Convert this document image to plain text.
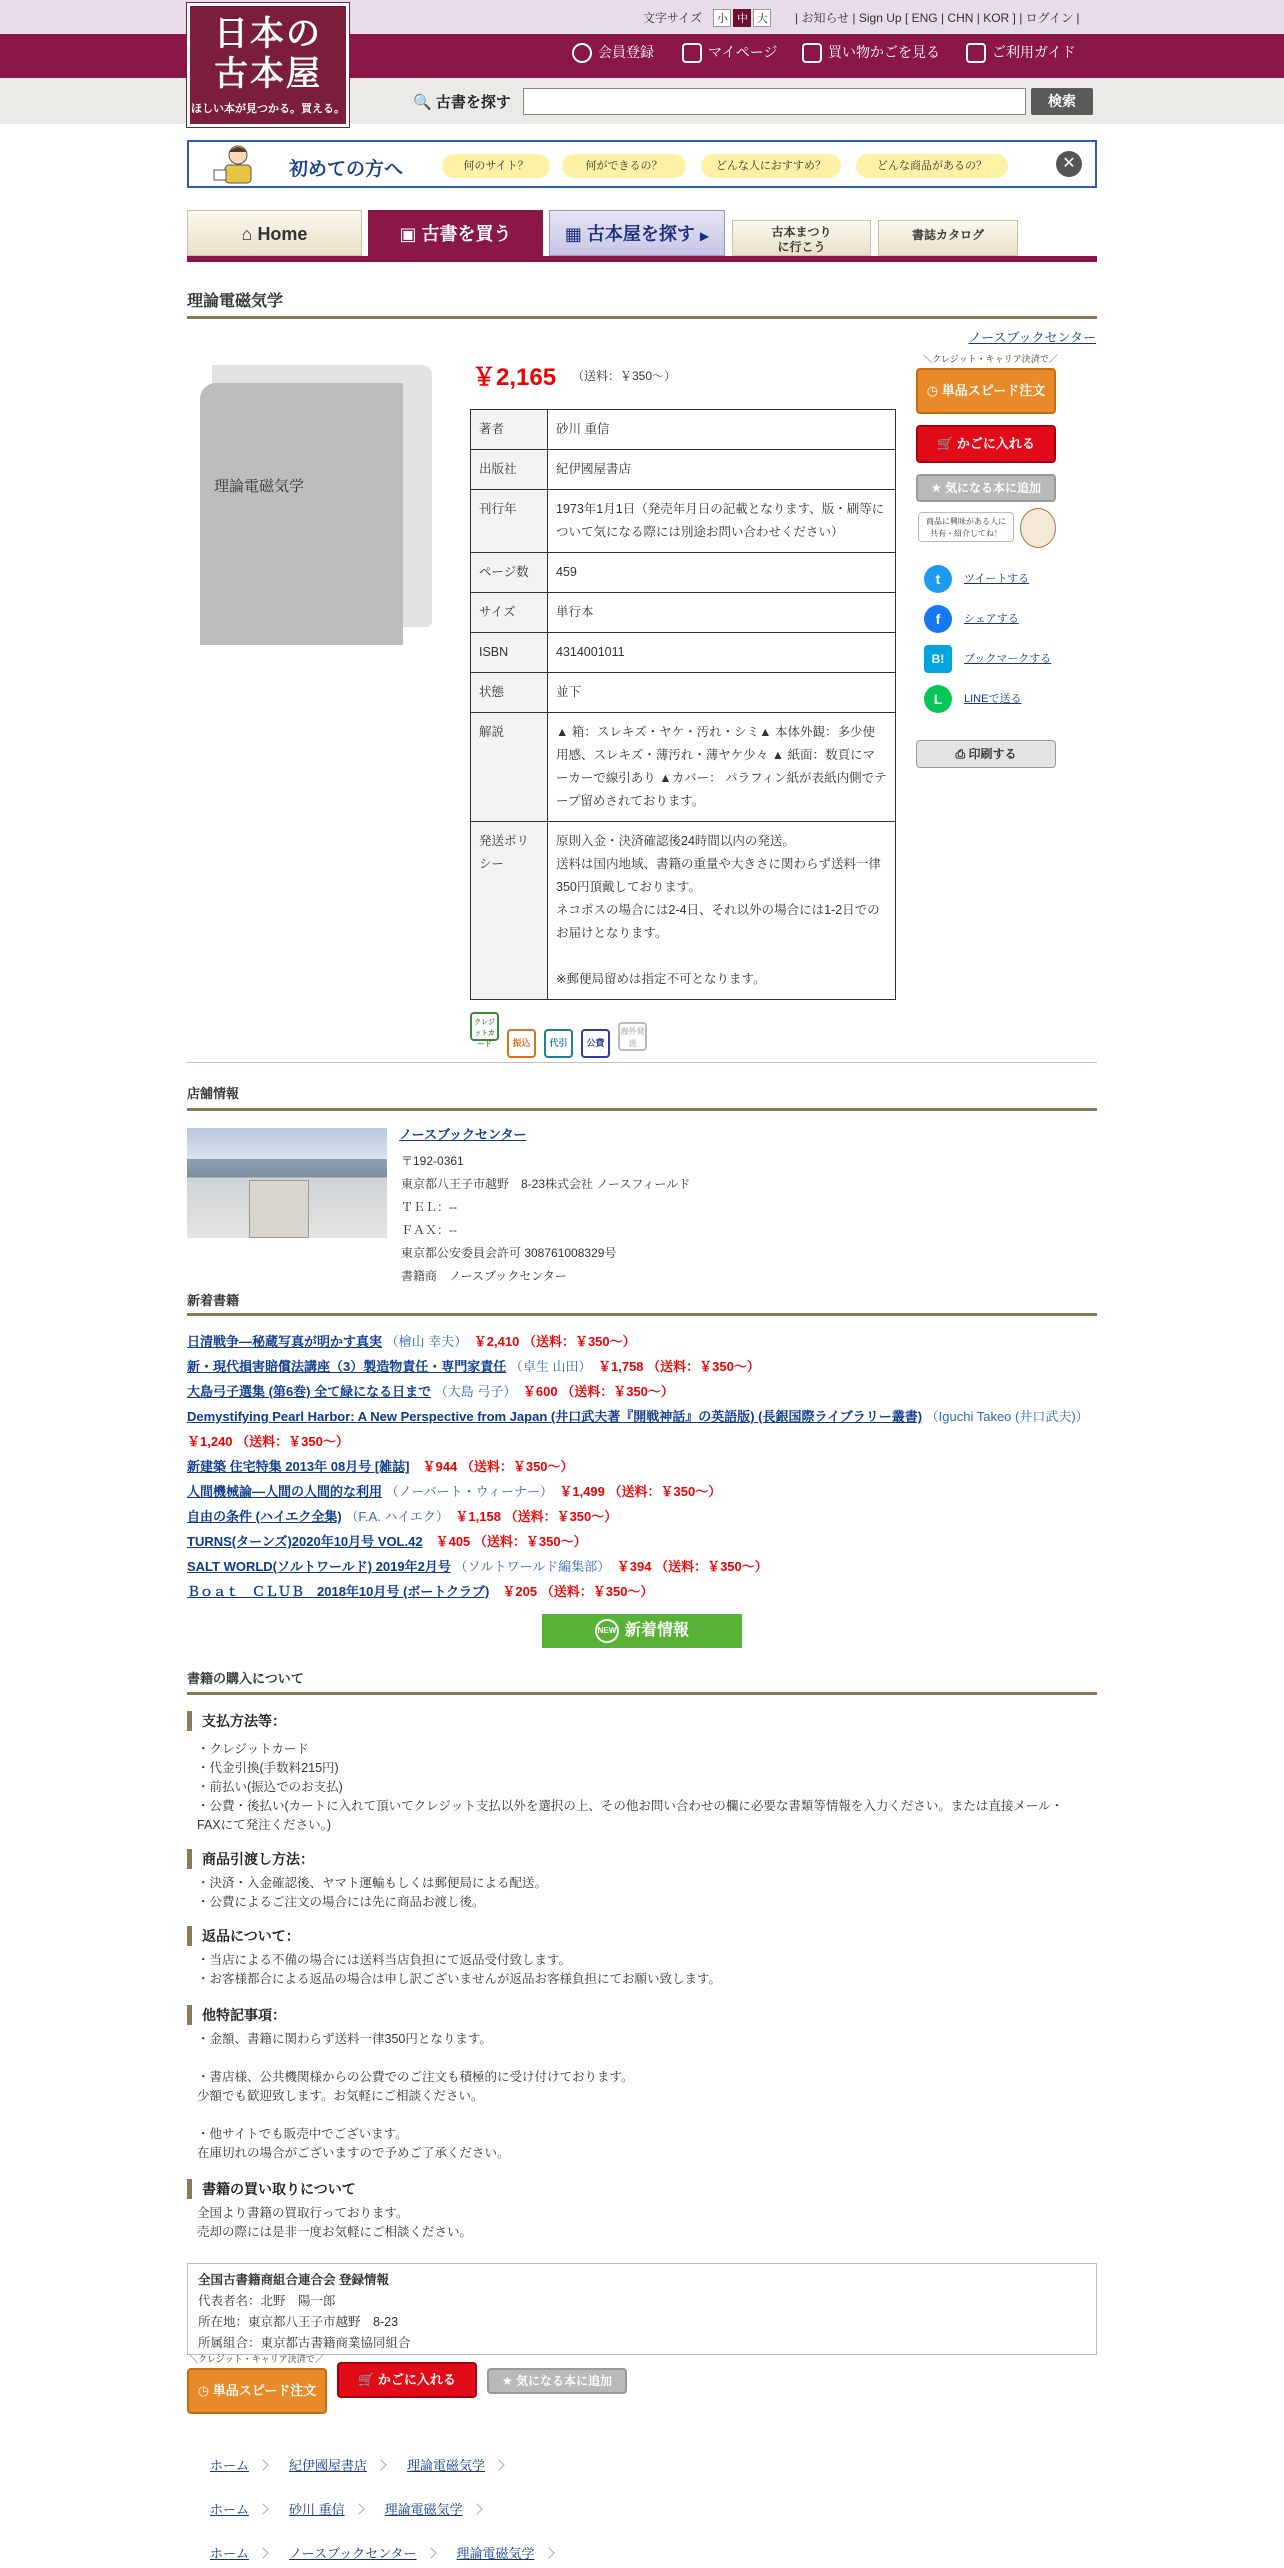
日本の
古本屋
ほしい本が見つかる。買える。
文字サイズ 小 中 大 | お知らせ | Sign Up [ ENG | CHN | KOR ] | ログイン |
会員登録	マイページ	買い物かごを見る	ご利用ガイド
🔍 古書を探す	検索
初めての方へ	何のサイト？	何ができるの？	どんな人におすすめ？	どんな商品があるの？	✕
⌂ Home	▣ 古書を買う	▦ 古本屋を探す ▶	古本まつり
に行こう
書誌カタログ
理論電磁気学
理論電磁気学
￥2,165 （送料：￥350～）
著者	砂川 重信
出版社	紀伊國屋書店
刊行年	1973年1月1日（発売年月日の記載となります、版・刷等について気になる際には別途お問い合わせください）
ページ数	459
サイズ	単行本
ISBN	4314001011
状態	並下
解説	▲ 箱：スレキズ・ヤケ・汚れ・シミ▲ 本体外観：多少使用感、スレキズ・薄汚れ・薄ヤケ少々 ▲ 紙面：数頁にマーカーで線引あり ▲カバー： パラフィン紙が表紙内側でテープ留めされております。
発送ポリシー	原則入金・決済確認後24時間以内の発送。
送料は国内地域、書籍の重量や大きさに関わらず送料一律350円頂戴しております。
ネコポスの場合には2-4日、それ以外の場合には1-2日でのお届けとなります。

※郵便局留めは指定不可となります。
クレジットカード 振込 代引 公費海外発送
ノースブックセンター
＼クレジット・キャリア決済で／
◷ 単品スピード注文
🛒 かごに入れる
★ 気になる本に追加
商品に興味がある人に
共有・紹介してね！
t ツイートする
f シェアする
B! ブックマークする
L LINEで送る
⎙ 印刷する
店舗情報
ノースブックセンター
〒192-0361
東京都八王子市越野　8-23株式会社 ノースフィールド
ＴＥＬ：--
ＦＡＸ：--
東京都公安委員会許可 308761008329号
書籍商　ノースブックセンター
新着書籍
日清戦争―秘蔵写真が明かす真実 （檜山 幸夫）　 ￥2,410 （送料：￥350～）
新・現代損害賠償法講座（3）製造物責任・専門家責任 （卓生 山田）　 ￥1,758 （送料：￥350～）
大島弓子選集 (第6巻) 全て緑になる日まで （大島 弓子）　 ￥600 （送料：￥350～）
Demystifying Pearl Harbor: A New Perspective from Japan (井口武夫著『開戦神話』の英語版) (長銀国際ライブラリー叢書) （Iguchi Takeo (井口武夫)）　￥1,240 （送料：￥350～）
新建築 住宅特集 2013年 08月号 [雑誌]　 ￥944 （送料：￥350～）
人間機械論―人間の人間的な利用 （ノーバート・ウィーナー）　 ￥1,499 （送料：￥350～）
自由の条件 (ハイエク全集) （F.A. ハイエク）　 ￥1,158 （送料：￥350～）
TURNS(ターンズ)2020年10月号 VOL.42　 ￥405 （送料：￥350～）
SALT WORLD(ソルトワールド) 2019年2月号 （ソルトワールド編集部）　 ￥394 （送料：￥350～）
Ｂｏａｔ　ＣＬＵＢ　2018年10月号 (ボートクラブ)　 ￥205 （送料：￥350～）
NEW 新着情報
書籍の購入について
支払方法等：
・クレジットカード
・代金引換(手数料215円)
・前払い(振込でのお支払)
・公費・後払い(カートに入れて頂いてクレジット支払以外を選択の上、その他お問い合わせの欄に必要な書類等情報を入力ください。または直接メール・FAXにて発注ください。)
商品引渡し方法：
・決済・入金確認後、ヤマト運輸もしくは郵便局による配送。
・公費によるご注文の場合には先に商品お渡し後。
返品について：
・当店による不備の場合には送料当店負担にて返品受付致します。
・お客様都合による返品の場合は申し訳ございませんが返品お客様負担にてお願い致します。
他特記事項：
・金額、書籍に関わらず送料一律350円となります。
・書店様、公共機関様からの公費でのご注文も積極的に受け付けております。
少額でも歓迎致します。お気軽にご相談ください。
・他サイトでも販売中でございます。
在庫切れの場合がございますので予めご了承ください。
書籍の買い取りについて
全国より書籍の買取行っております。
売却の際には是非一度お気軽にご相談ください。
全国古書籍商組合連合会 登録情報
代表者名：北野　陽一郎
所在地：東京都八王子市越野　8-23
所属組合：東京都古書籍商業協同組合
＼クレジット・キャリア決済で／
◷ 単品スピード注文
🛒 かごに入れる	★ 気になる本に追加
ホーム	紀伊國屋書店	理論電磁気学
ホーム	砂川 重信	理論電磁気学
ホーム	ノースブックセンター	理論電磁気学
